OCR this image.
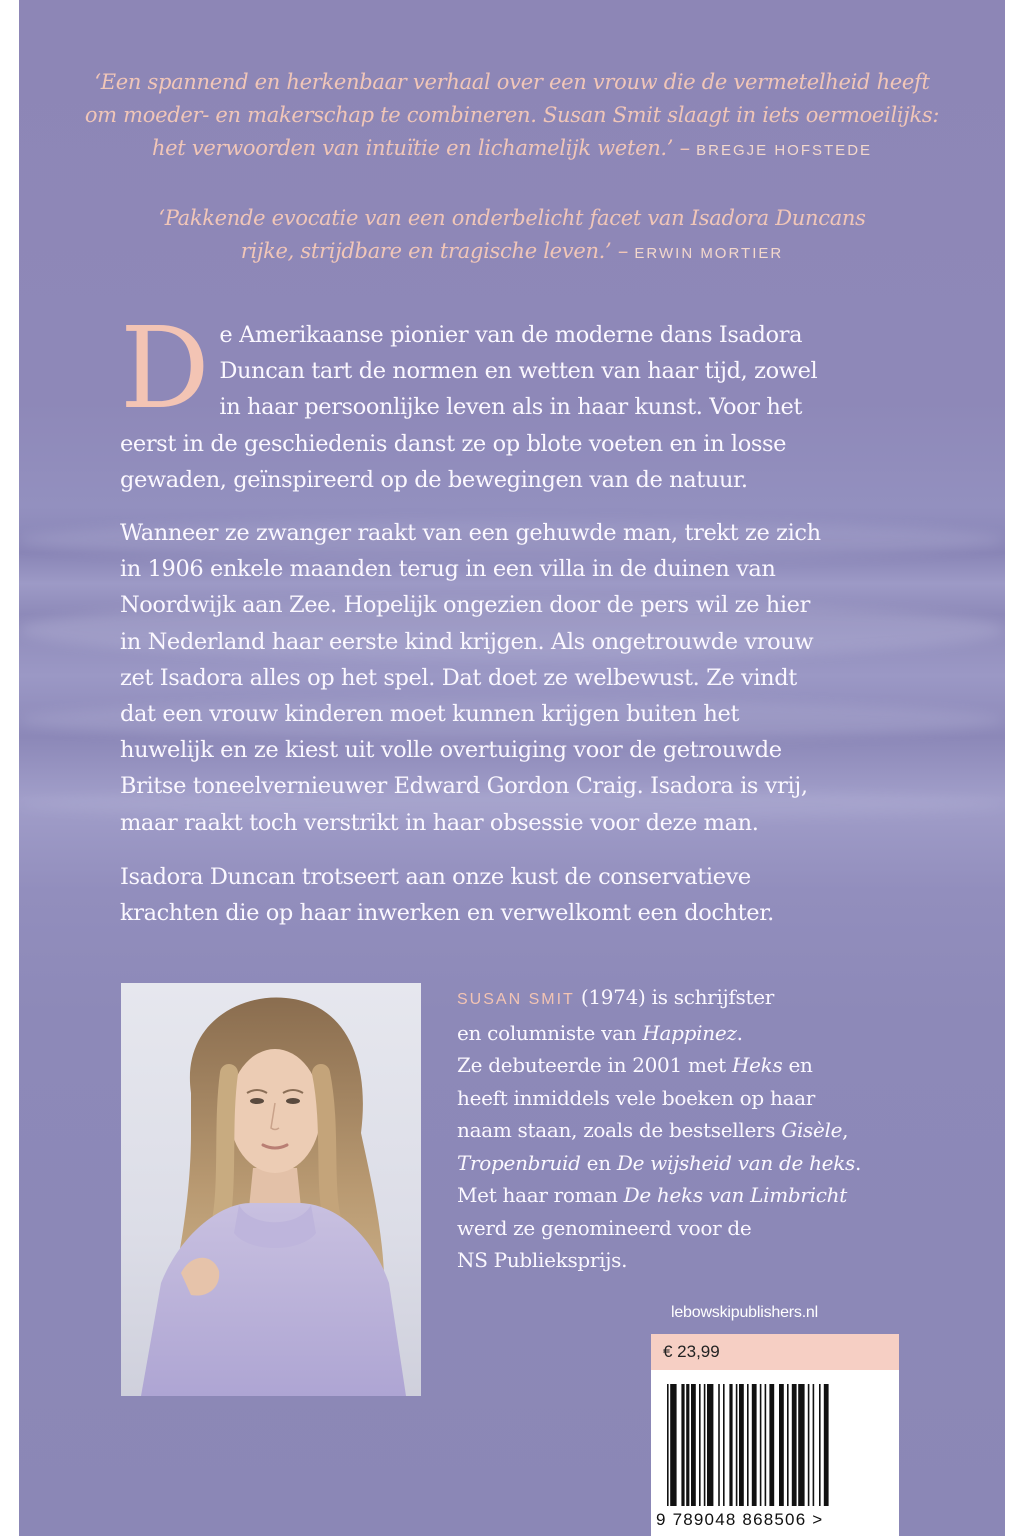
‘Een spannend en herkenbaar verhaal over een vrouw die de vermetelheid heeft
om moeder- en makerschap te combineren. Susan Smit slaagt in iets oermoeilijks:
het verwoorden van intuïtie en lichamelijk weten.’ – BREGJE HOFSTEDE
‘Pakkende evocatie van een onderbelicht facet van Isadora Duncans
rijke, strijdbare en tragische leven.’ – ERWIN MORTIER
D e Amerikaanse pionier van de moderne dans Isadora
Duncan tart de normen en wetten van haar tijd, zowel
in haar persoonlijke leven als in haar kunst. Voor het
eerst in de geschiedenis danst ze op blote voeten en in losse
gewaden, geïnspireerd op de bewegingen van de natuur.
Wanneer ze zwanger raakt van een gehuwde man, trekt ze zich
in 1906 enkele maanden terug in een villa in de duinen van
Noordwijk aan Zee. Hopelijk ongezien door de pers wil ze hier
in Nederland haar eerste kind krijgen. Als ongetrouwde vrouw
zet Isadora alles op het spel. Dat doet ze welbewust. Ze vindt
dat een vrouw kinderen moet kunnen krijgen buiten het
huwelijk en ze kiest uit volle overtuiging voor de getrouwde
Britse toneelvernieuwer Edward Gordon Craig. Isadora is vrij,
maar raakt toch verstrikt in haar obsessie voor deze man.
Isadora Duncan trotseert aan onze kust de conservatieve
krachten die op haar inwerken en verwelkomt een dochter.
SUSAN SMIT (1974) is schrijfster
en columniste van Happinez.
Ze debuteerde in 2001 met Heks en
heeft inmiddels vele boeken op haar
naam staan, zoals de bestsellers Gisèle,
Tropenbruid en De wijsheid van de heks.
Met haar roman De heks van Limbricht
werd ze genomineerd voor de
NS Publieksprijs.
lebowskipublishers.nl
€ 23,99
9 789048 868506 >
